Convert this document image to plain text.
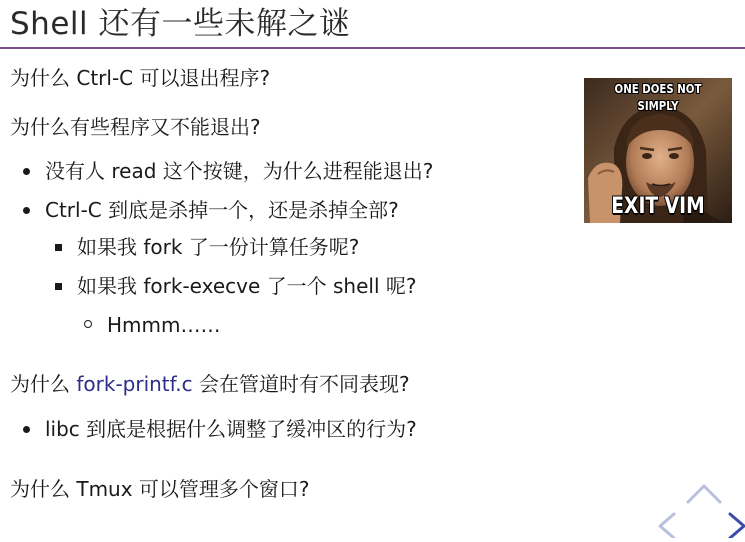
Shell 还有一些未解之谜
为什么 Ctrl-C 可以退出程序?
为什么有些程序又不能退出?
没有人 read 这个按键，为什么进程能退出?
Ctrl-C 到底是杀掉一个，还是杀掉全部?
如果我 fork 了一份计算任务呢?
如果我 fork-execve 了一个 shell 呢?
Hmmm……
为什么 fork-printf.c 会在管道时有不同表现?
libc 到底是根据什么调整了缓冲区的行为?
为什么 Tmux 可以管理多个窗口?
ONE DOES NOT
SIMPLY
EXIT VIM
